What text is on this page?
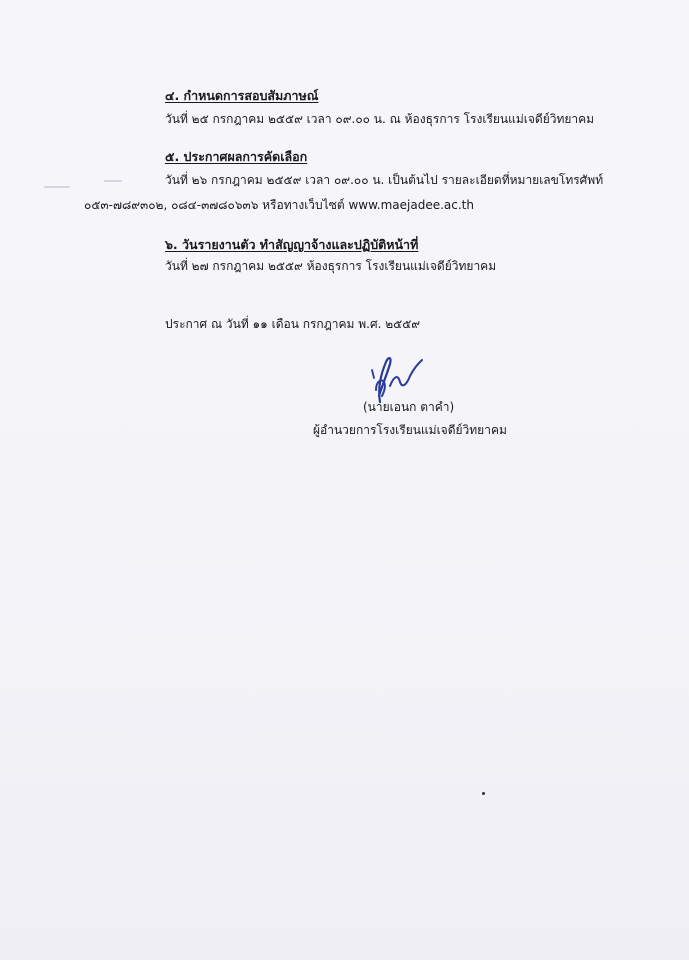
๔. กำหนดการสอบสัมภาษณ์

วันที่ ๒๕ กรกฎาคม ๒๕๕๙ เวลา ๐๙.๐๐ น. ณ ห้องธุรการ โรงเรียนแม่เจดีย์วิทยาคม

๕. ประกาศผลการคัดเลือก

วันที่ ๒๖ กรกฎาคม ๒๕๕๙ เวลา ๐๙.๐๐ น. เป็นต้นไป รายละเอียดที่หมายเลขโทรศัพท์

๐๕๓-๗๘๙๓๐๒, ๐๘๔-๓๗๘๐๖๓๖ หรือทางเว็บไซต์ www.maejadee.ac.th

๖. วันรายงานตัว ทำสัญญาจ้างและปฏิบัติหน้าที่

วันที่ ๒๗ กรกฎาคม ๒๕๕๙ ห้องธุรการ โรงเรียนแม่เจดีย์วิทยาคม

ประกาศ ณ วันที่ ๑๑ เดือน กรกฎาคม พ.ศ. ๒๕๕๙

(นายเอนก ตาคำ)

ผู้อำนวยการโรงเรียนแม่เจดีย์วิทยาคม
